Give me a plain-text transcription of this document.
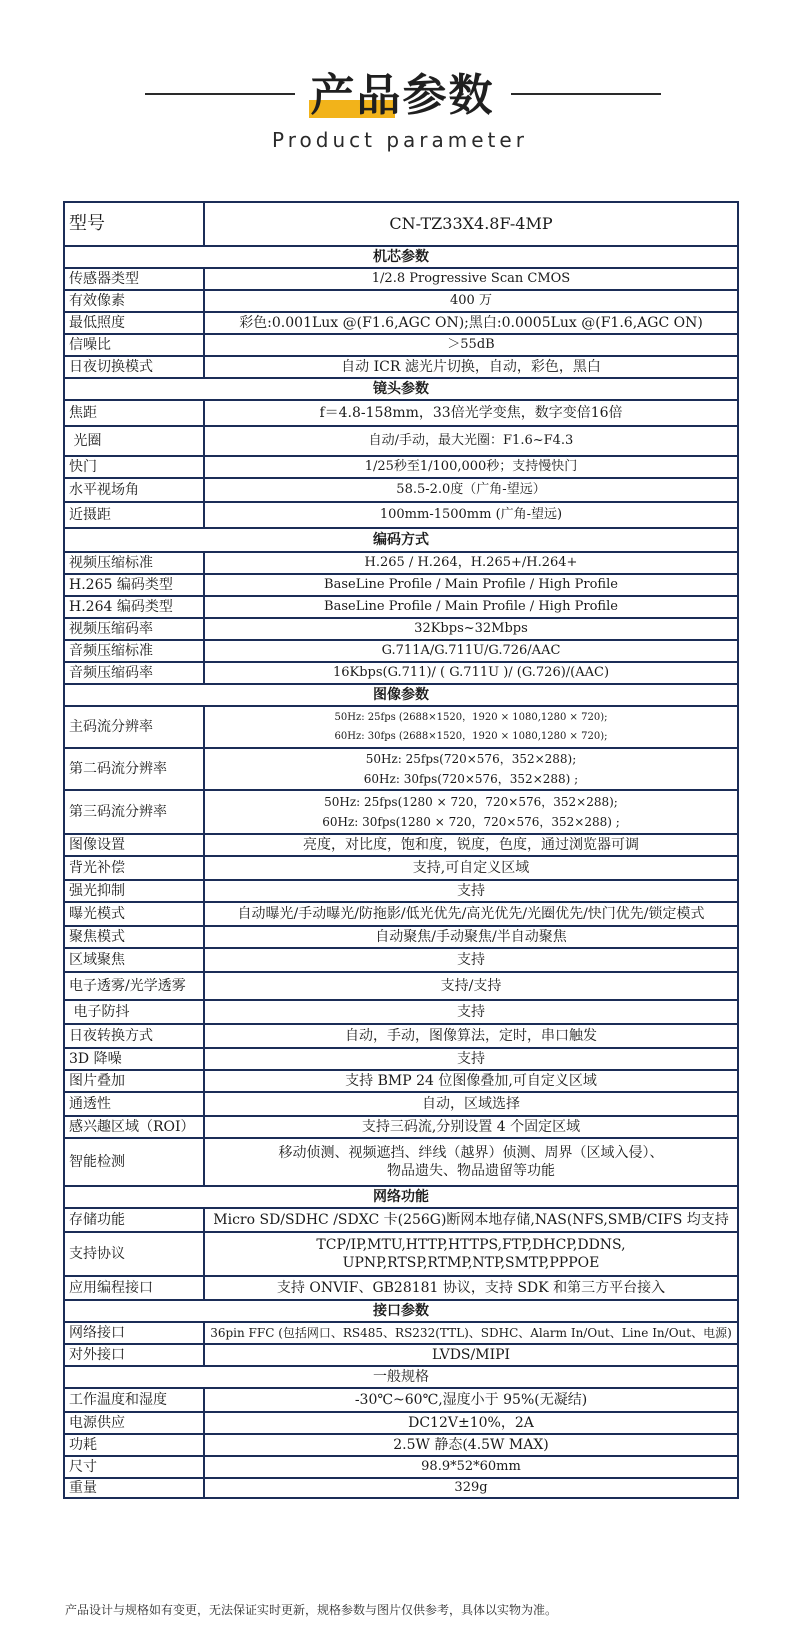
产品参数
Product parameter
型号	CN-TZ33X4.8F-4MP
机芯参数	
传感器类型	1/2.8 Progressive Scan CMOS
有效像素	400 万
最低照度	彩色:0.001Lux @(F1.6,AGC ON);黑白:0.0005Lux @(F1.6,AGC ON)
信噪比	＞55dB
日夜切换模式	自动 ICR 滤光片切换，自动，彩色，黑白
镜头参数	
焦距	f＝4.8-158mm，33倍光学变焦，数字变倍16倍
光圈	自动/手动，最大光圈：F1.6~F4.3
快门	1/25秒至1/100,000秒；支持慢快门
水平视场角	58.5-2.0度（广角-望远）
近摄距	100mm-1500mm (广角-望远)
编码方式	
视频压缩标准	H.265 / H.264，H.265+/H.264+
H.265 编码类型	BaseLine Profile / Main Profile / High Profile
H.264 编码类型	BaseLine Profile / Main Profile / High Profile
视频压缩码率	32Kbps~32Mbps
音频压缩标准	G.711A/G.711U/G.726/AAC
音频压缩码率	16Kbps(G.711)/ ( G.711U )/ (G.726)/(AAC)
图像参数	
主码流分辨率	50Hz: 25fps (2688×1520，1920 × 1080,1280 × 720);
60Hz: 30fps (2688×1520，1920 × 1080,1280 × 720);

第二码流分辨率	50Hz: 25fps(720×576，352×288);
60Hz: 30fps(720×576，352×288) ;

第三码流分辨率	50Hz: 25fps(1280 × 720，720×576，352×288);
60Hz: 30fps(1280 × 720，720×576，352×288) ;

图像设置	亮度，对比度，饱和度，锐度，色度，通过浏览器可调
背光补偿	支持,可自定义区域
强光抑制	支持
曝光模式	自动曝光/手动曝光/防拖影/低光优先/高光优先/光圈优先/快门优先/锁定模式
聚焦模式	自动聚焦/手动聚焦/半自动聚焦
区域聚焦	支持
电子透雾/光学透雾	支持/支持
电子防抖	支持
日夜转换方式	自动，手动，图像算法，定时，串口触发
3D 降噪	支持
图片叠加	支持 BMP 24 位图像叠加,可自定义区域
通透性	自动，区域选择
感兴趣区域（ROI）	支持三码流,分别设置 4 个固定区域
智能检测	移动侦测、视频遮挡、绊线（越界）侦测、周界（区域入侵）、
物品遗失、物品遗留等功能

网络功能	
存储功能	Micro SD/SDHC /SDXC 卡(256G)断网本地存储,NAS(NFS,SMB/CIFS 均支持
支持协议	TCP/IP,MTU,HTTP,HTTPS,FTP,DHCP,DDNS,
UPNP,RTSP,RTMP,NTP,SMTP,PPPOE

应用编程接口	支持 ONVIF、GB28181 协议，支持 SDK 和第三方平台接入
接口参数	
网络接口	36pin FFC (包括网口、RS485、RS232(TTL)、SDHC、Alarm In/Out、Line In/Out、电源)
对外接口	LVDS/MIPI
一般规格	
工作温度和湿度	-30℃~60℃,湿度小于 95%(无凝结)
电源供应	DC12V±10%，2A
功耗	2.5W 静态(4.5W MAX)
尺寸	98.9*52*60mm
重量	329g
产品设计与规格如有变更，无法保证实时更新，规格参数与图片仅供参考，具体以实物为准。
